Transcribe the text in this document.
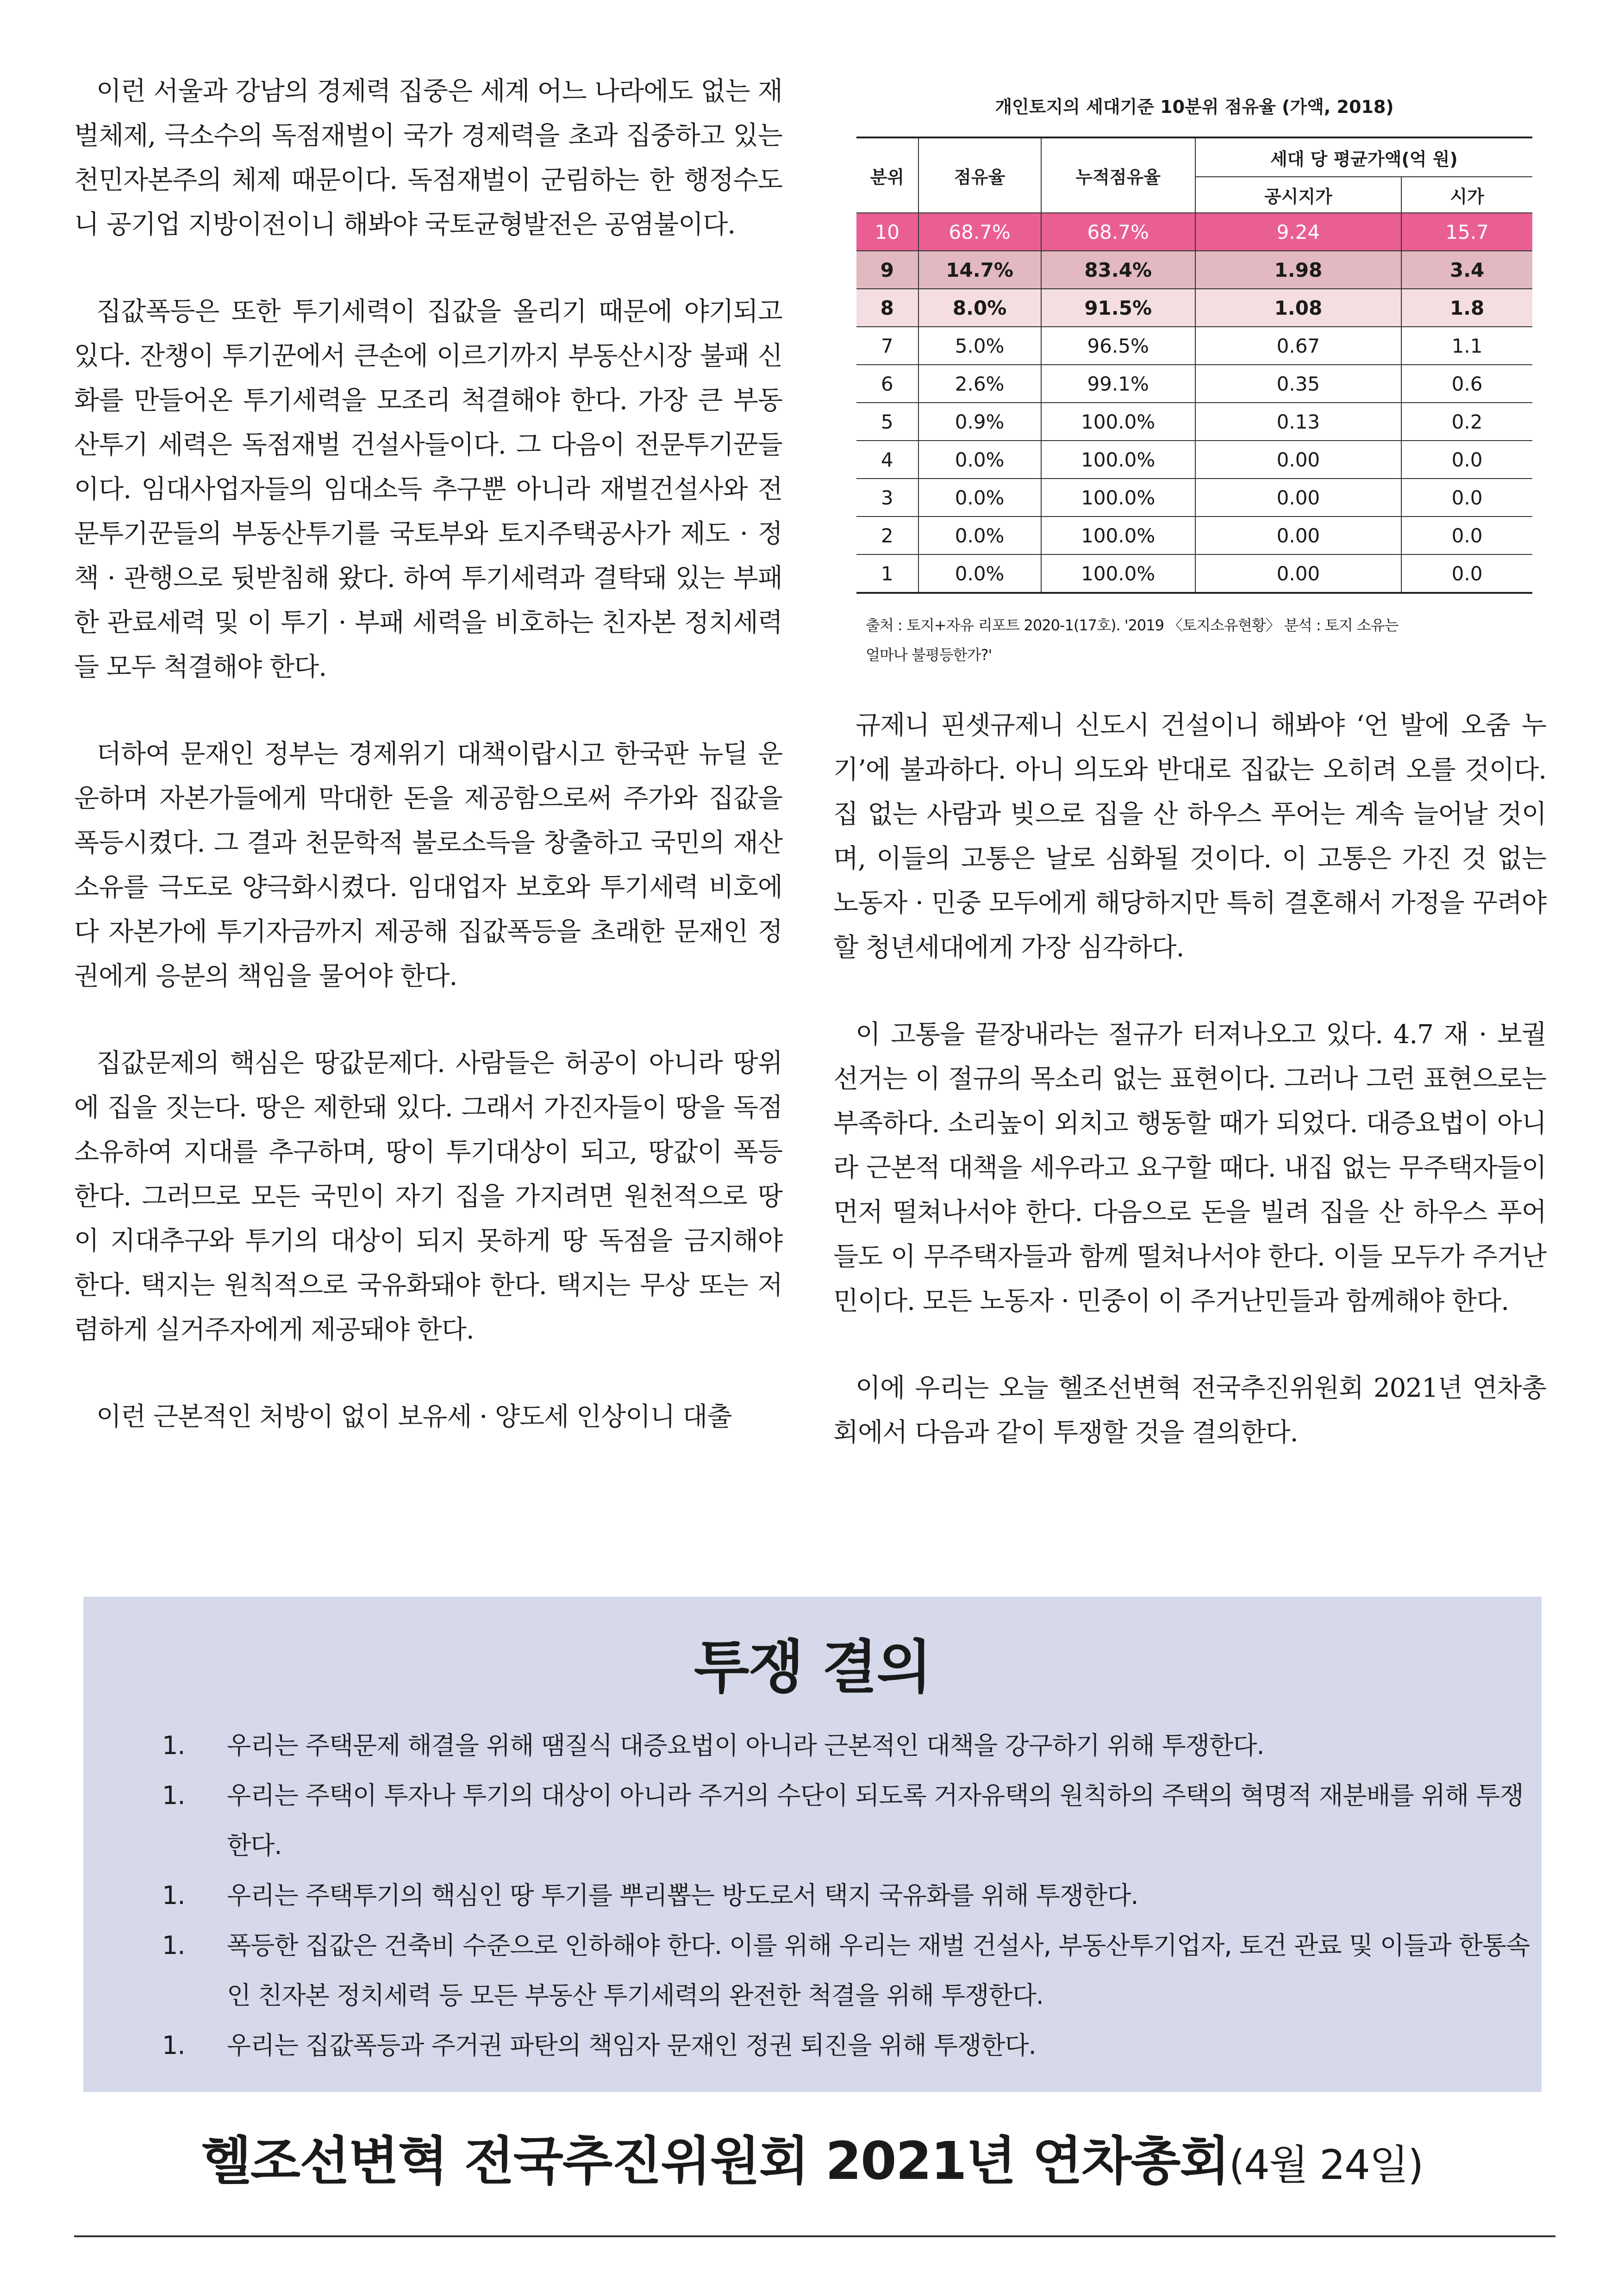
이런 서울과 강남의 경제력 집중은 세계 어느 나라에도 없는 재벌체제, 극소수의 독점재벌이 국가 경제력을 초과 집중하고 있는 천민자본주의 체제 때문이다. 독점재벌이 군림하는 한 행정수도니 공기업 지방이전이니 해봐야 국토균형발전은 공염불이다.

집값폭등은 또한 투기세력이 집값을 올리기 때문에 야기되고 있다. 잔챙이 투기꾼에서 큰손에 이르기까지 부동산시장 불패 신화를 만들어온 투기세력을 모조리 척결해야 한다. 가장 큰 부동산투기 세력은 독점재벌 건설사들이다. 그 다음이 전문투기꾼들이다. 임대사업자들의 임대소득 추구뿐 아니라 재벌건설사와 전문투기꾼들의 부동산투기를 국토부와 토지주택공사가 제도 · 정책 · 관행으로 뒷받침해 왔다. 하여 투기세력과 결탁돼 있는 부패한 관료세력 및 이 투기 · 부패 세력을 비호하는 친자본 정치세력들 모두 척결해야 한다.

더하여 문재인 정부는 경제위기 대책이랍시고 한국판 뉴딜 운운하며 자본가들에게 막대한 돈을 제공함으로써 주가와 집값을 폭등시켰다. 그 결과 천문학적 불로소득을 창출하고 국민의 재산소유를 극도로 양극화시켰다. 임대업자 보호와 투기세력 비호에다 자본가에 투기자금까지 제공해 집값폭등을 초래한 문재인 정권에게 응분의 책임을 물어야 한다.

집값문제의 핵심은 땅값문제다. 사람들은 허공이 아니라 땅위에 집을 짓는다. 땅은 제한돼 있다. 그래서 가진자들이 땅을 독점 소유하여 지대를 추구하며, 땅이 투기대상이 되고, 땅값이 폭등한다. 그러므로 모든 국민이 자기 집을 가지려면 원천적으로 땅이 지대추구와 투기의 대상이 되지 못하게 땅 독점을 금지해야 한다. 택지는 원칙적으로 국유화돼야 한다. 택지는 무상 또는 저렴하게 실거주자에게 제공돼야 한다.

이런 근본적인 처방이 없이 보유세 · 양도세 인상이니 대출

개인토지의 세대기준 10분위 점유율 (가액, 2018)

분위	점유율	누적점유율	세대 당 평균가액(억 원)	
			공시지가	시가
10	68.7%	68.7%	9.24	15.7
9	14.7%	83.4%	1.98	3.4
8	8.0%	91.5%	1.08	1.8
7	5.0%	96.5%	0.67	1.1
6	2.6%	99.1%	0.35	0.6
5	0.9%	100.0%	0.13	0.2
4	0.0%	100.0%	0.00	0.0
3	0.0%	100.0%	0.00	0.0
2	0.0%	100.0%	0.00	0.0
1	0.0%	100.0%	0.00	0.0
출처 : 토지+자유 리포트 2020-1(17호). '2019 〈토지소유현황〉 분석 : 토지 소유는
얼마나 불평등한가?'

규제니 핀셋규제니 신도시 건설이니 해봐야 ‘언 발에 오줌 누기’에 불과하다. 아니 의도와 반대로 집값는 오히려 오를 것이다. 집 없는 사람과 빚으로 집을 산 하우스 푸어는 계속 늘어날 것이며, 이들의 고통은 날로 심화될 것이다. 이 고통은 가진 것 없는 노동자 · 민중 모두에게 해당하지만 특히 결혼해서 가정을 꾸려야 할 청년세대에게 가장 심각하다.

이 고통을 끝장내라는 절규가 터져나오고 있다. 4.7 재 · 보궐선거는 이 절규의 목소리 없는 표현이다. 그러나 그런 표현으로는 부족하다. 소리높이 외치고 행동할 때가 되었다. 대증요법이 아니라 근본적 대책을 세우라고 요구할 때다. 내집 없는 무주택자들이 먼저 떨쳐나서야 한다. 다음으로 돈을 빌려 집을 산 하우스 푸어들도 이 무주택자들과 함께 떨쳐나서야 한다. 이들 모두가 주거난민이다. 모든 노동자 · 민중이 이 주거난민들과 함께해야 한다.

이에 우리는 오늘 헬조선변혁 전국추진위원회 2021년 연차총회에서 다음과 같이 투쟁할 것을 결의한다.

투쟁 결의
1.	우리는 주택문제 해결을 위해 땜질식 대증요법이 아니라 근본적인 대책을 강구하기 위해 투쟁한다.
1.	우리는 주택이 투자나 투기의 대상이 아니라 주거의 수단이 되도록 거자유택의 원칙하의 주택의 혁명적 재분배를 위해 투쟁한다.
1.	우리는 주택투기의 핵심인 땅 투기를 뿌리뽑는 방도로서 택지 국유화를 위해 투쟁한다.
1.	폭등한 집값은 건축비 수준으로 인하해야 한다. 이를 위해 우리는 재벌 건설사, 부동산투기업자, 토건 관료 및 이들과 한통속인 친자본 정치세력 등 모든 부동산 투기세력의 완전한 척결을 위해 투쟁한다.
1.	우리는 집값폭등과 주거권 파탄의 책임자 문재인 정권 퇴진을 위해 투쟁한다.
헬조선변혁 전국추진위원회 2021년 연차총회(4월 24일)
